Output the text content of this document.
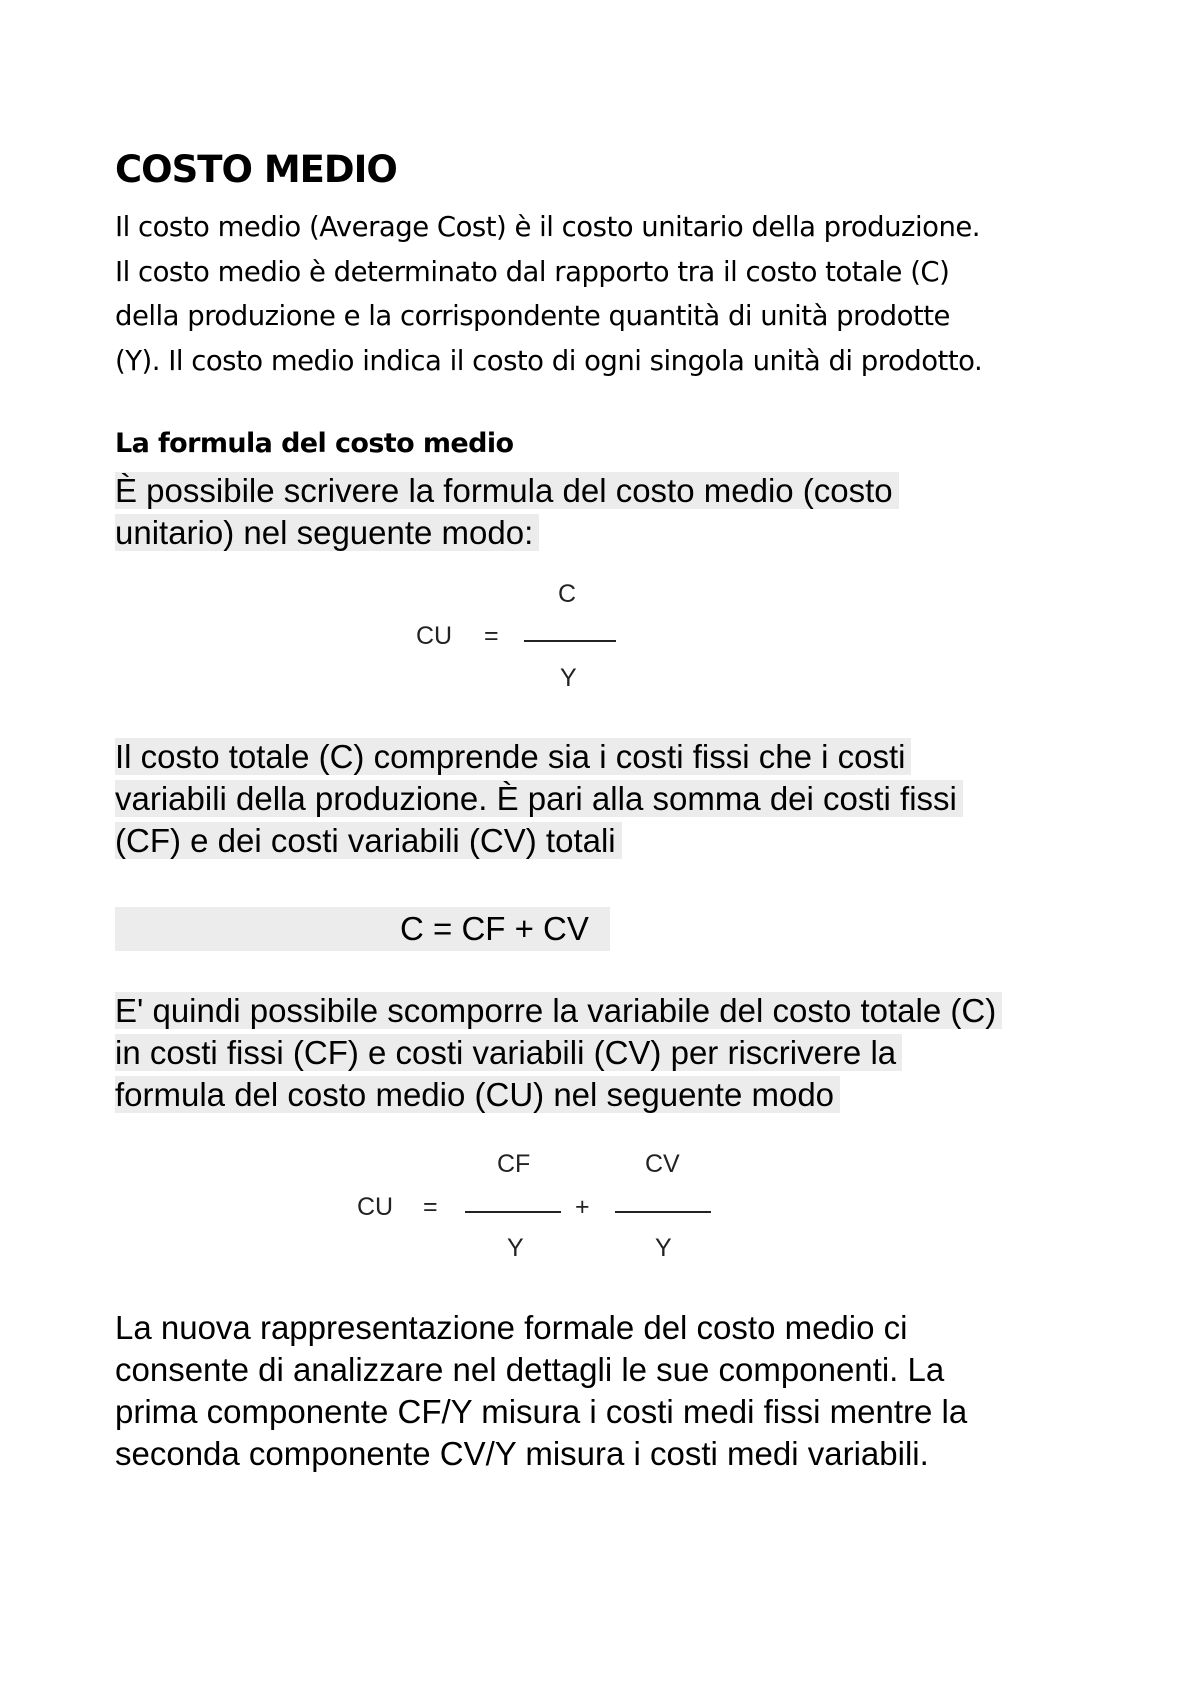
COSTO MEDIO
Il costo medio (Average Cost) è il costo unitario della produzione.
Il costo medio è determinato dal rapporto tra il costo totale (C)
della produzione e la corrispondente quantità di unità prodotte
(Y). Il costo medio indica il costo di ogni singola unità di prodotto.
La formula del costo medio
È possibile scrivere la formula del costo medio (costo
unitario) nel seguente modo:
CU =
C
Y
Il costo totale (C) comprende sia i costi fissi che i costi
variabili della produzione. È pari alla somma dei costi fissi
(CF) e dei costi variabili (CV) totali
C = CF + CV
E' quindi possibile scomporre la variabile del costo totale (C)
in costi fissi (CF) e costi variabili (CV) per riscrivere la
formula del costo medio (CU) nel seguente modo
CU =
CF
Y
+
CV
Y
La nuova rappresentazione formale del costo medio ci
consente di analizzare nel dettagli le sue componenti. La
prima componente CF/Y misura i costi medi fissi mentre la
seconda componente CV/Y misura i costi medi variabili.
